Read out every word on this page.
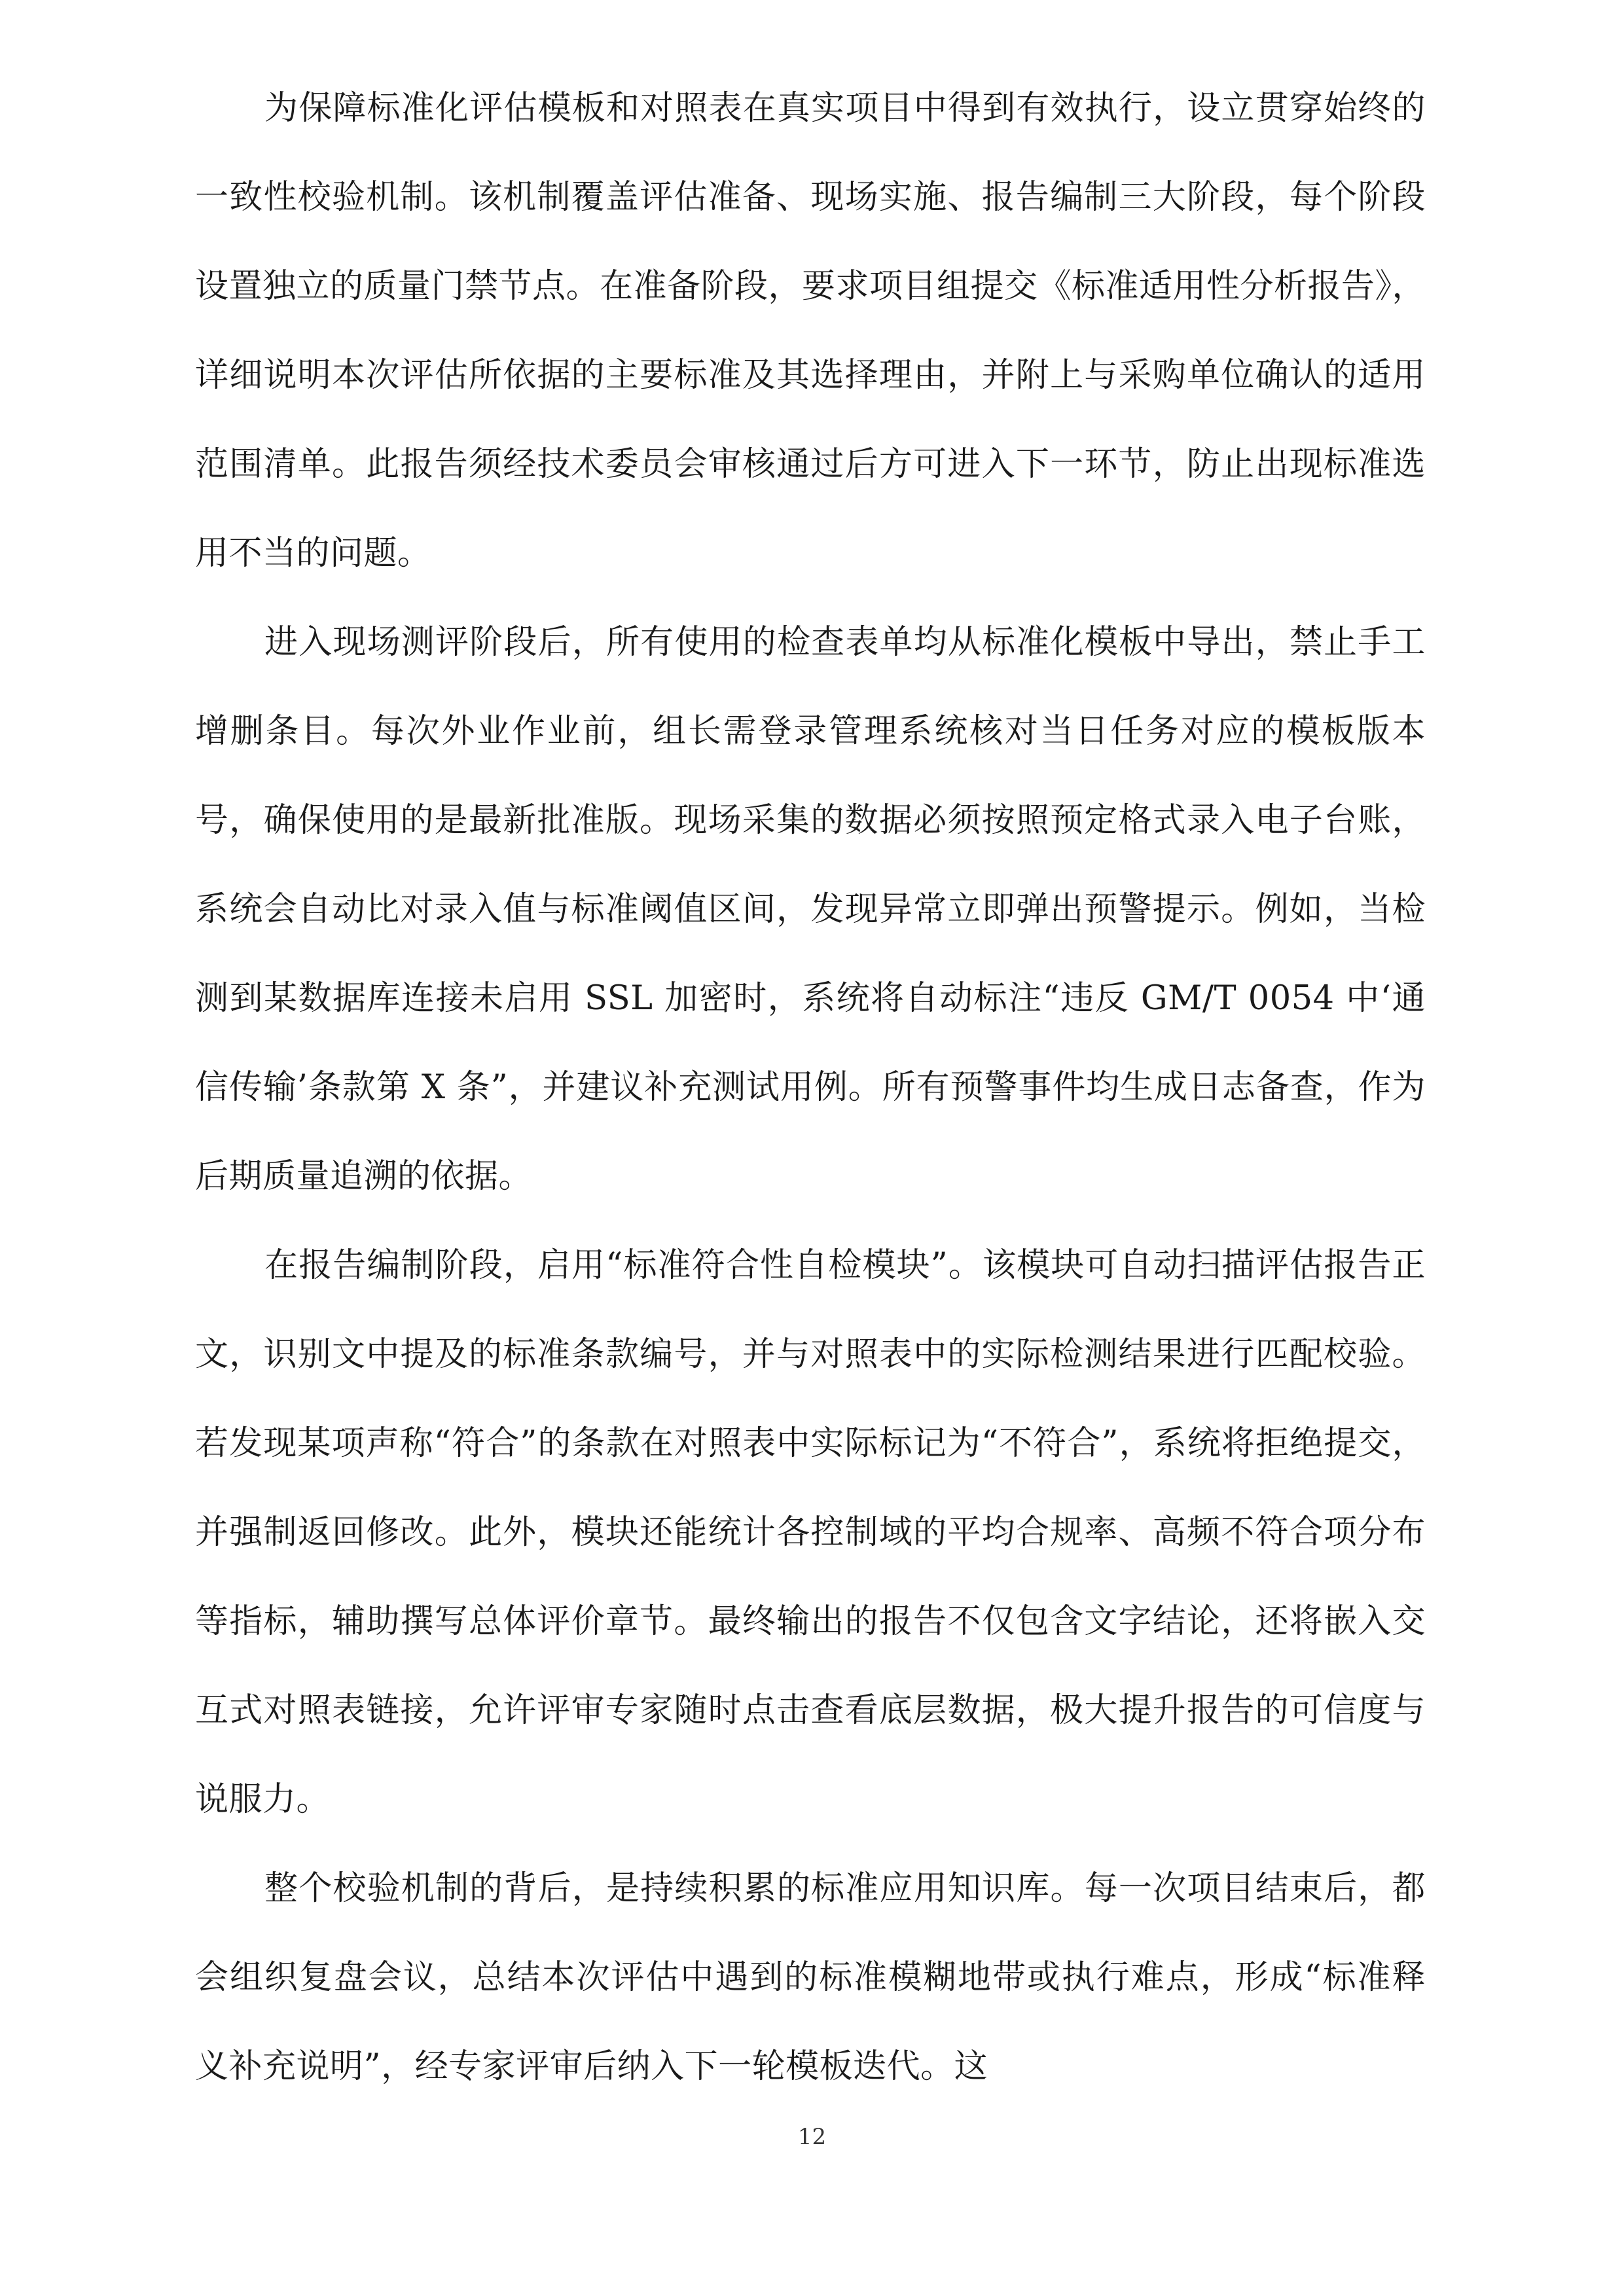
为保障标准化评估模板和对照表在真实项目中得到有效执行，设立贯穿始终的一致性校验机制。该机制覆盖评估准备、现场实施、报告编制三大阶段，每个阶段设置独立的质量门禁节点。在准备阶段，要求项目组提交《标准适用性分析报告》，详细说明本次评估所依据的主要标准及其选择理由，并附上与采购单位确认的适用范围清单。此报告须经技术委员会审核通过后方可进入下一环节，防止出现标准选用不当的问题。

进入现场测评阶段后，所有使用的检查表单均从标准化模板中导出，禁止手工增删条目。每次外业作业前，组长需登录管理系统核对当日任务对应的模板版本号，确保使用的是最新批准版。现场采集的数据必须按照预定格式录入电子台账，系统会自动比对录入值与标准阈值区间，发现异常立即弹出预警提示。例如，当检测到某数据库连接未启用 SSL 加密时，系统将自动标注“违反 GM/T 0054 中‘通信传输’条款第 X 条”，并建议补充测试用例。所有预警事件均生成日志备查，作为后期质量追溯的依据。

在报告编制阶段，启用“标准符合性自检模块”。该模块可自动扫描评估报告正文，识别文中提及的标准条款编号，并与对照表中的实际检测结果进行匹配校验。若发现某项声称“符合”的条款在对照表中实际标记为“不符合”，系统将拒绝提交，并强制返回修改。此外，模块还能统计各控制域的平均合规率、高频不符合项分布等指标，辅助撰写总体评价章节。最终输出的报告不仅包含文字结论，还将嵌入交互式对照表链接，允许评审专家随时点击查看底层数据，极大提升报告的可信度与说服力。

整个校验机制的背后，是持续积累的标准应用知识库。每一次项目结束后，都会组织复盘会议，总结本次评估中遇到的标准模糊地带或执行难点，形成“标准释义补充说明”，经专家评审后纳入下一轮模板迭代。这

12
